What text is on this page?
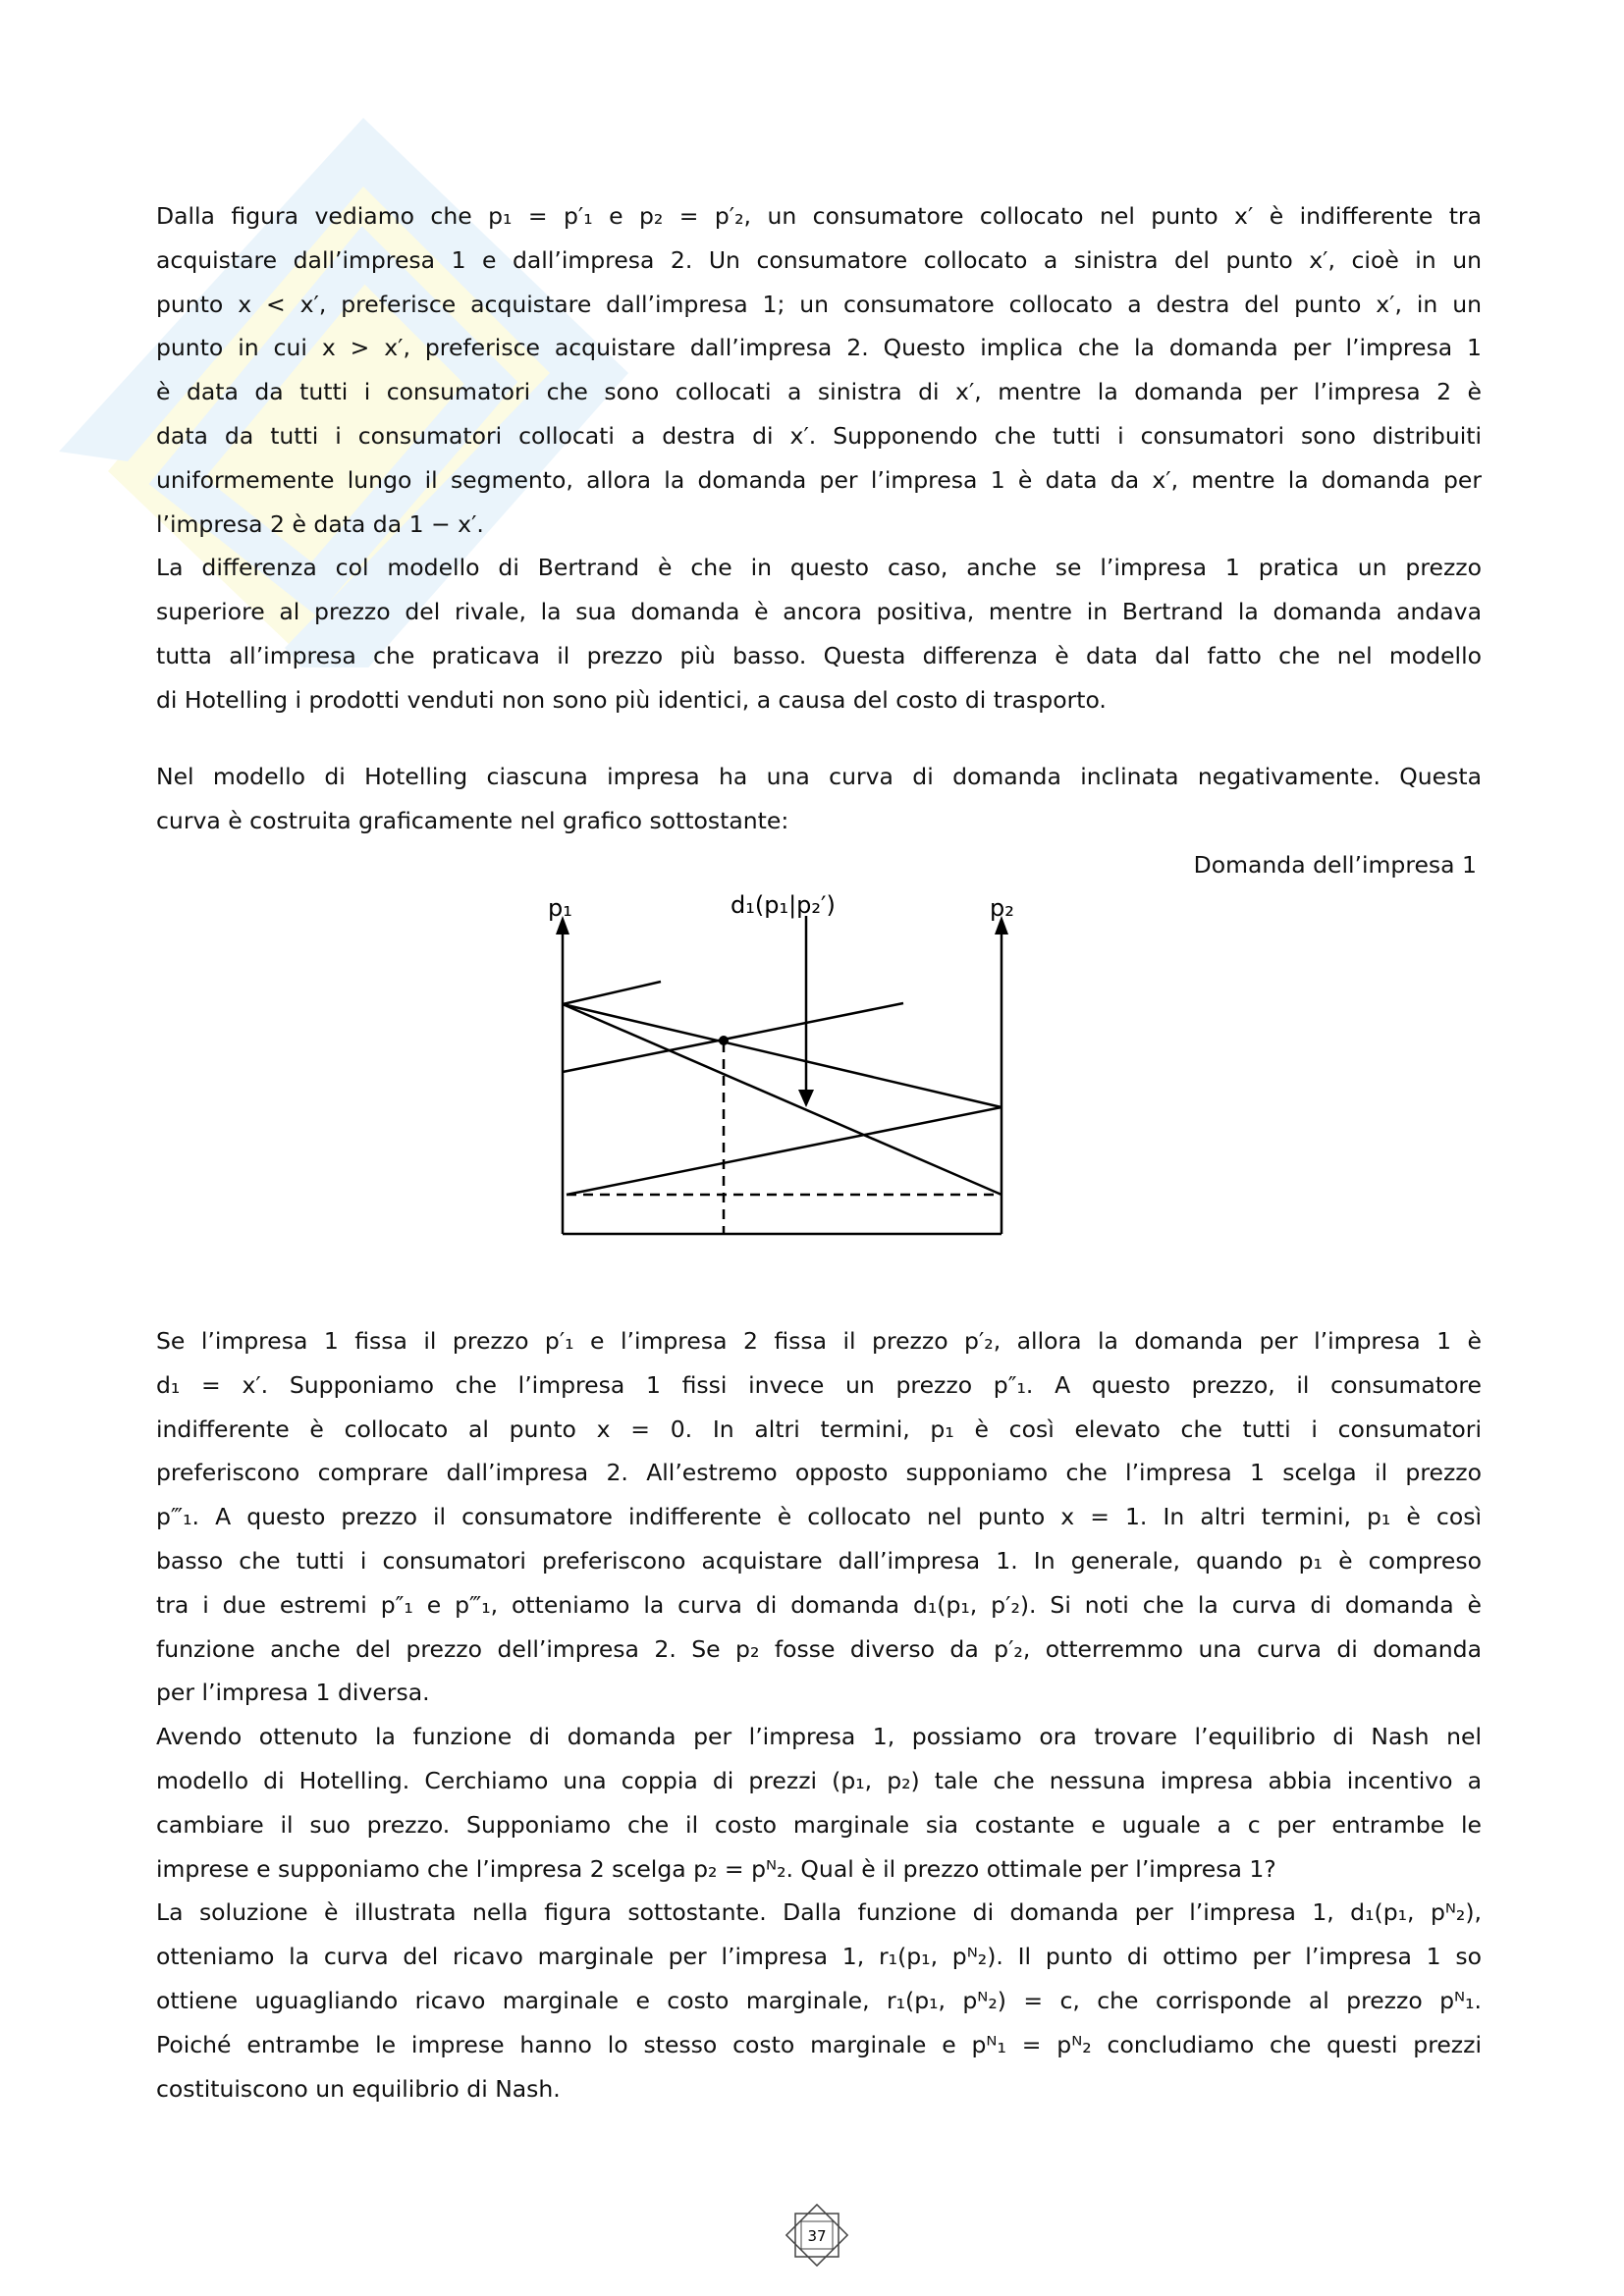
Dalla figura vediamo che p₁ = p′₁ e p₂ = p′₂, un consumatore collocato nel punto x′ è indifferente tra
acquistare dall’impresa 1 e dall’impresa 2. Un consumatore collocato a sinistra del punto x′, cioè in un
punto x < x′, preferisce acquistare dall’impresa 1; un consumatore collocato a destra del punto x′, in un
punto in cui x > x′, preferisce acquistare dall’impresa 2. Questo implica che la domanda per l’impresa 1
è data da tutti i consumatori che sono collocati a sinistra di x′, mentre la domanda per l’impresa 2 è
data da tutti i consumatori collocati a destra di x′. Supponendo che tutti i consumatori sono distribuiti
uniformemente lungo il segmento, allora la domanda per l’impresa 1 è data da x′, mentre la domanda per
l’impresa 2 è data da 1 − x′.
La differenza col modello di Bertrand è che in questo caso, anche se l’impresa 1 pratica un prezzo
superiore al prezzo del rivale, la sua domanda è ancora positiva, mentre in Bertrand la domanda andava
tutta all’impresa che praticava il prezzo più basso. Questa differenza è data dal fatto che nel modello
di Hotelling i prodotti venduti non sono più identici, a causa del costo di trasporto.
Nel modello di Hotelling ciascuna impresa ha una curva di domanda inclinata negativamente. Questa
curva è costruita graficamente nel grafico sottostante:
Domanda dell’impresa 1
p₁	p₂
d₁(p₁|p₂′)
Se l’impresa 1 fissa il prezzo p′₁ e l’impresa 2 fissa il prezzo p′₂, allora la domanda per l’impresa 1 è
d₁ = x′. Supponiamo che l’impresa 1 fissi invece un prezzo p″₁. A questo prezzo, il consumatore
indifferente è collocato al punto x = 0. In altri termini, p₁ è così elevato che tutti i consumatori
preferiscono comprare dall’impresa 2. All’estremo opposto supponiamo che l’impresa 1 scelga il prezzo
p‴₁. A questo prezzo il consumatore indifferente è collocato nel punto x = 1. In altri termini, p₁ è così
basso che tutti i consumatori preferiscono acquistare dall’impresa 1. In generale, quando p₁ è compreso
tra i due estremi p″₁ e p‴₁, otteniamo la curva di domanda d₁(p₁, p′₂). Si noti che la curva di domanda è
funzione anche del prezzo dell’impresa 2. Se p₂ fosse diverso da p′₂, otterremmo una curva di domanda
per l’impresa 1 diversa.
Avendo ottenuto la funzione di domanda per l’impresa 1, possiamo ora trovare l’equilibrio di Nash nel
modello di Hotelling. Cerchiamo una coppia di prezzi (p₁, p₂) tale che nessuna impresa abbia incentivo a
cambiare il suo prezzo. Supponiamo che il costo marginale sia costante e uguale a c per entrambe le
imprese e supponiamo che l’impresa 2 scelga p₂ = pᴺ₂. Qual è il prezzo ottimale per l’impresa 1?
La soluzione è illustrata nella figura sottostante. Dalla funzione di domanda per l’impresa 1, d₁(p₁, pᴺ₂),
otteniamo la curva del ricavo marginale per l’impresa 1, r₁(p₁, pᴺ₂). Il punto di ottimo per l’impresa 1 so
ottiene uguagliando ricavo marginale e costo marginale, r₁(p₁, pᴺ₂) = c, che corrisponde al prezzo pᴺ₁.
Poiché entrambe le imprese hanno lo stesso costo marginale e pᴺ₁ = pᴺ₂ concludiamo che questi prezzi
costituiscono un equilibrio di Nash.
37
